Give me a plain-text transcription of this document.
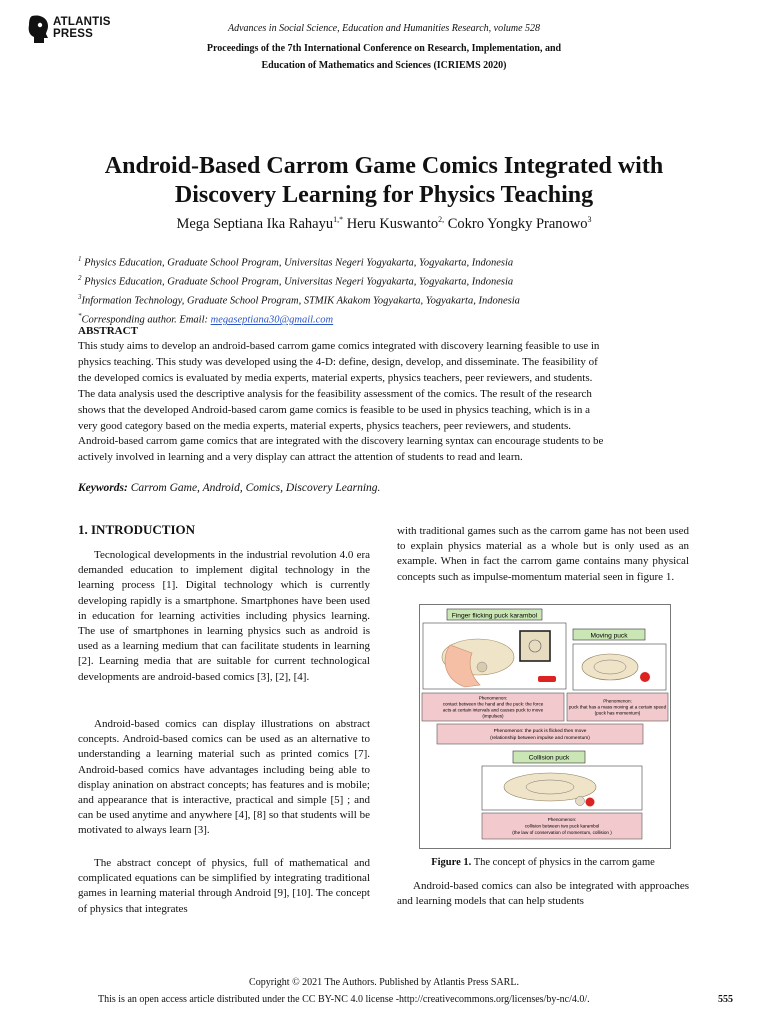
ATLANTIS
PRESS	Advances in Social Science, Education and Humanities Research, volume 528
Proceedings of the 7th International Conference on Research, Implementation, and
Education of Mathematics and Sciences (ICRIEMS 2020)
Android-Based Carrom Game Comics Integrated with
Discovery Learning for Physics Teaching
Mega Septiana Ika Rahayu$^{1,*}$ Heru Kuswanto$^{2,}$ Cokro Yongky Pranowo$^3$
$^1$ Physics Education, Graduate School Program, Universitas Negeri Yogyakarta, Yogyakarta, Indonesia
$^2$ Physics Education, Graduate School Program, Universitas Negeri Yogyakarta, Yogyakarta, Indonesia
$^3$Information Technology, Graduate School Program, STMIK Akakom Yogyakarta, Yogyakarta, Indonesia
*Corresponding author. Email: megaseptiana30@gmail.com
ABSTRACT
This study aims to develop an android-based carrom game comics integrated with discovery learning feasible to use in
physics teaching. This study was developed using the 4-D: define, design, develop, and disseminate. The feasibility of
the developed comics is evaluated by media experts, material experts, physics teachers, peer reviewers, and students.
The data analysis used the descriptive analysis for the feasibility assessment of the comics. The result of the research
shows that the developed Android-based carom game comics is feasible to be used in physics teaching, which is in a
very good category based on the media experts, material experts, physics teachers, peer reviewers, and students.
Android-based carrom game comics that are integrated with the discovery learning syntax can encourage students to be
actively involved in learning and a very display can attract the attention of students to read and learn.
Keywords: Carrom Game, Android, Comics, Discovery Learning.
1. INTRODUCTION
Tecnological developments in the industrial revolution 4.0 era demanded education to implement digital technology in the learning process [1]. Digital technology which is currently developing rapidly is a smartphone. Smartphones have been used in education for learning activities including physics learning. The use of smartphones in learning physics such as android is used as a learning medium that can facilitate students in learning [2]. Learning media that are suitable for current technological developments are android-based comics [3], [2], [4].
Android-based comics can display illustrations on abstract concepts. Android-based comics can be used as an alternative to understanding a learning material such as printed comics [7]. Android-based comics have advantages including being able to display anination on abstract concepts; has features and is mobile; and appearance that is interactive, practical and simple [5] ; and can be used anytime and anywhere [4], [8] so that students will be motivated to always learn [3].
The abstract concept of physics, full of mathematical and complicated equations can be simplified by integrating traditional games in learning material through Android [9], [10]. The concept of physics that integrates
with traditional games such as the carrom game has not been used to explain physics material as a whole but is only used as an example. When in fact the carrom game contains many physical concepts such as impulse-momentum material seen in figure 1.
Finger flicking puck karambol
Moving puck
Phenomenon:
contact between the hand and the puck: the force
acts at certain intervals and causes puck to move
(impulses)
Phenomenon:
puck that has a mass moving at a certain speed
(puck has momentum)
Phenomenon: the puck is flicked then move
(relationship between impulse and momentum)
Collision puck
Phenomenon:
collision between two puck karambol
(the law of conservation of momentum, collision )
Figure 1. The concept of physics in the carrom game
Android-based comics can also be integrated with approaches and learning models that can help students
Copyright © 2021 The Authors. Published by Atlantis Press SARL.
This is an open access article distributed under the CC BY-NC 4.0 license -http://creativecommons.org/licenses/by-nc/4.0/.	555
